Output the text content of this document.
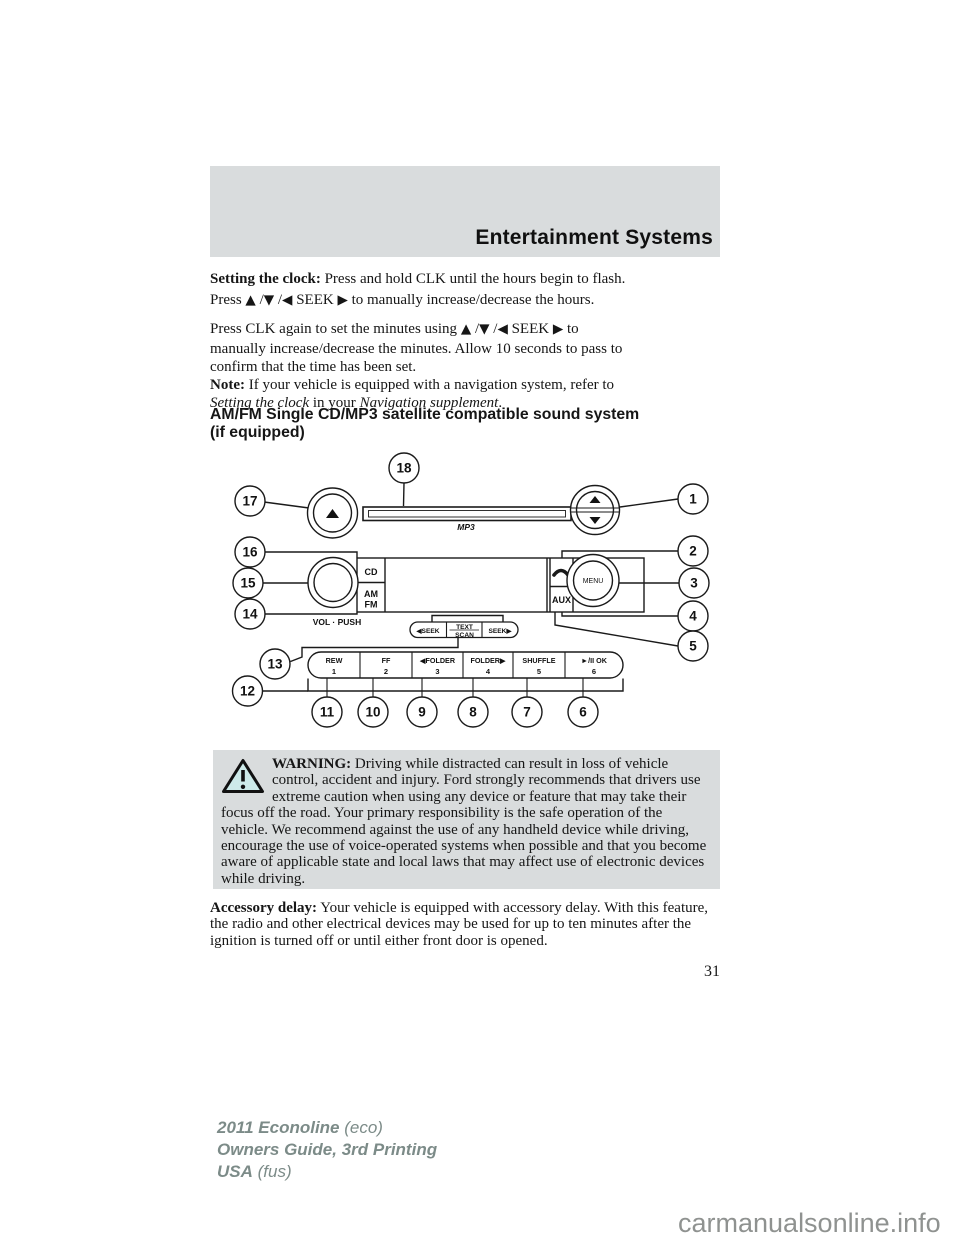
Entertainment Systems
Setting the clock: Press and hold CLK until the hours begin to flash.
Press ▲ /▼ /◀ SEEK ▶ to manually increase/decrease the hours.
Press CLK again to set the minutes using ▲ /▼ /◀ SEEK ▶ to
manually increase/decrease the minutes. Allow 10 seconds to pass to
confirm that the time has been set.
Note: If your vehicle is equipped with a navigation system, refer to
Setting the clock in your Navigation supplement.
AM/FM Single CD/MP3 satellite compatible sound system
(if equipped)
MP3
CD
AM
FM
VOL · PUSH
AUX
MENU
◀SEEK
TEXT
SCAN
SEEK▶
REW
1
FF
2
◀FOLDER
3
FOLDER▶
4
SHUFFLE
5
►/II OK
6
1
2
3
4
5
6
7
8
9
10
11
12
13
14
15
16
17
18
WARNING: Driving while distracted can result in loss of vehicle control, accident and injury. Ford strongly recommends that drivers use extreme caution when using any device or feature that may take their focus off the road. Your primary responsibility is the safe operation of the vehicle. We recommend against the use of any handheld device while driving, encourage the use of voice-operated systems when possible and that you become aware of applicable state and local laws that may affect use of electronic devices while driving.
Accessory delay: Your vehicle is equipped with accessory delay. With this feature, the radio and other electrical devices may be used for up to ten minutes after the ignition is turned off or until either front door is opened.
31
2011 Econoline (eco)
Owners Guide, 3rd Printing
USA (fus)
carmanualsonline.info
